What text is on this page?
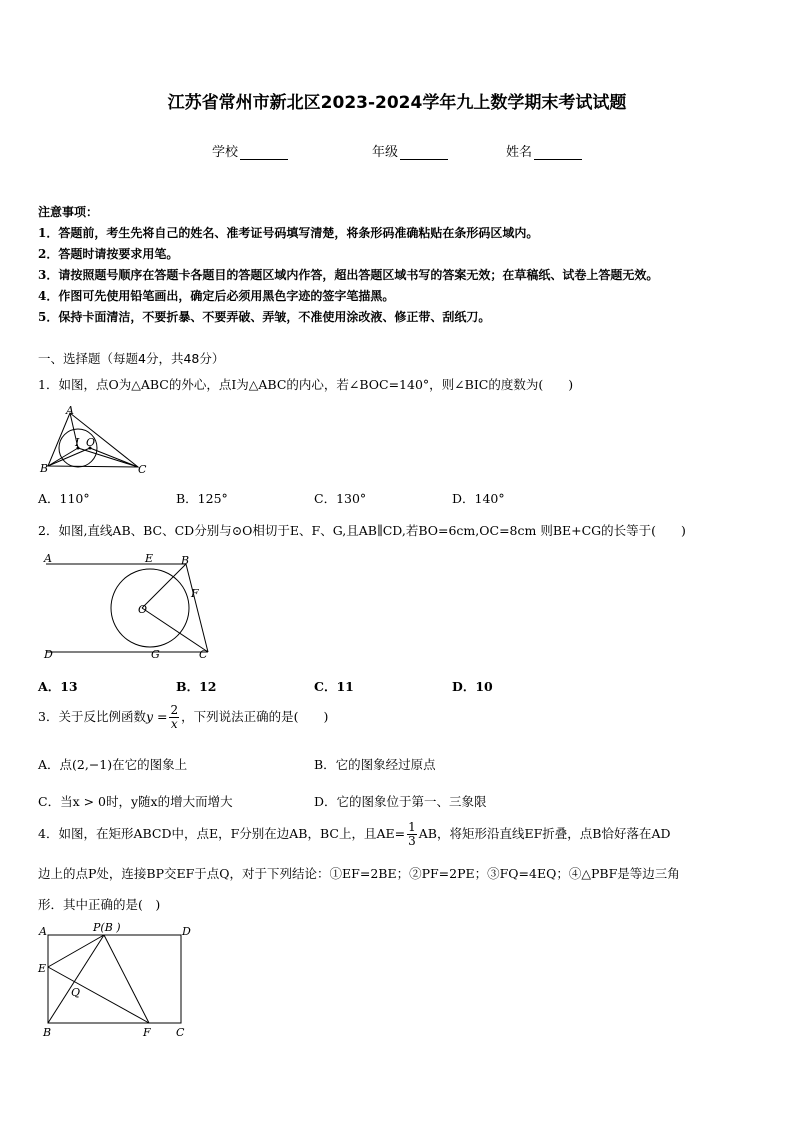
江苏省常州市新北区2023-2024学年九上数学期末考试试题
学校	年级	姓名
注意事项：
1．答题前，考生先将自己的姓名、准考证号码填写清楚，将条形码准确粘贴在条形码区域内。
2．答题时请按要求用笔。
3．请按照题号顺序在答题卡各题目的答题区域内作答，超出答题区域书写的答案无效；在草稿纸、试卷上答题无效。
4．作图可先使用铅笔画出，确定后必须用黑色字迹的签字笔描黑。
5．保持卡面清洁，不要折暴、不要弄破、弄皱，不准使用涂改液、修正带、刮纸刀。
一、选择题（每题4分，共48分）
1．如图，点O为△ABC的外心，点I为△ABC的内心，若∠BOC=140°，则∠BIC的度数为(　　)
A
B	C
I O
A．110°	B．125°	C．130°	D．140°
2．如图,直线AB、BC、CD分别与⊙O相切于E、F、G,且AB∥CD,若BO=6cm,OC=8cm 则BE+CG的长等于(　　)
A	E	B
F
O
D	G	C
A．13	B．12	C．11	D．10
3．关于反比例函数$y = \frac{2}{x}$ ，下列说法正确的是(　　)
A．点(2,−1)在它的图象上	B．它的图象经过原点
C．当x > 0时，y随x的增大而增大	D．它的图象位于第一、三象限
4．如图，在矩形ABCD中，点E，F分别在边AB，BC上，且$AE= \frac{1}{3}$ AB，将矩形沿直线EF折叠，点B恰好落在AD
边上的点P处，连接BP交EF于点Q，对于下列结论：①EF=2BE；②PF=2PE；③FQ=4EQ；④△PBF是等边三角
形．其中正确的是(　)
A	P(B )	D
E
Q
B	F C
